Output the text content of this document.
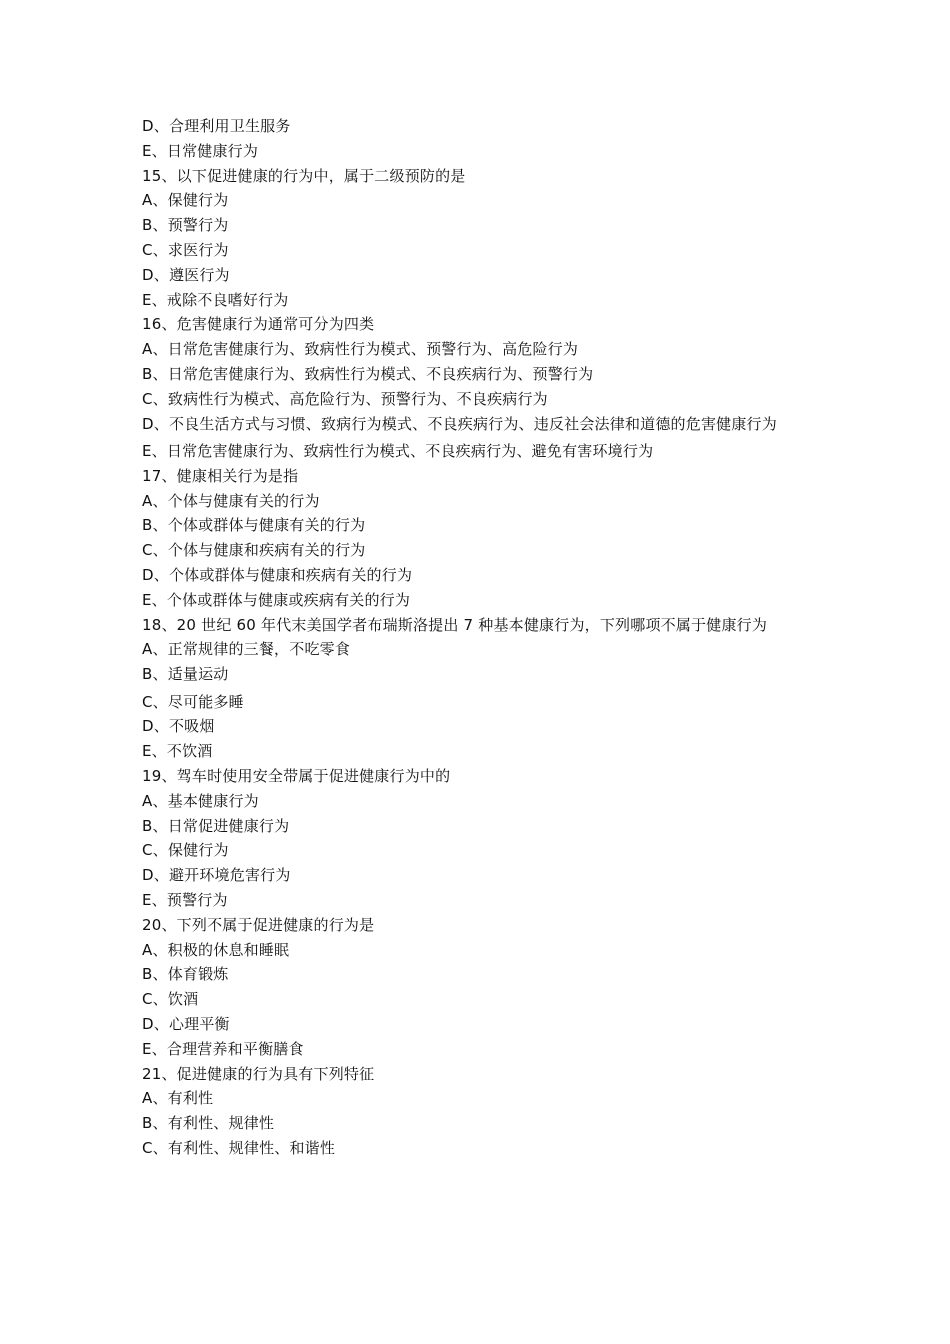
D、合理利用卫生服务
E、日常健康行为
15、以下促进健康的行为中，属于二级预防的是
A、保健行为
B、预警行为
C、求医行为
D、遵医行为
E、戒除不良嗜好行为
16、危害健康行为通常可分为四类
A、日常危害健康行为、致病性行为模式、预警行为、高危险行为
B、日常危害健康行为、致病性行为模式、不良疾病行为、预警行为
C、致病性行为模式、高危险行为、预警行为、不良疾病行为
D、不良生活方式与习惯、致病行为模式、不良疾病行为、违反社会法律和道德的危害健康行为
E、日常危害健康行为、致病性行为模式、不良疾病行为、避免有害环境行为
17、健康相关行为是指
A、个体与健康有关的行为
B、个体或群体与健康有关的行为
C、个体与健康和疾病有关的行为
D、个体或群体与健康和疾病有关的行为
E、个体或群体与健康或疾病有关的行为
18、20 世纪 60 年代末美国学者布瑞斯洛提出 7 种基本健康行为，下列哪项不属于健康行为
A、正常规律的三餐，不吃零食
B、适量运动
C、尽可能多睡
D、不吸烟
E、不饮酒
19、驾车时使用安全带属于促进健康行为中的
A、基本健康行为
B、日常促进健康行为
C、保健行为
D、避开环境危害行为
E、预警行为
20、下列不属于促进健康的行为是
A、积极的休息和睡眠
B、体育锻炼
C、饮酒
D、心理平衡
E、合理营养和平衡膳食
21、促进健康的行为具有下列特征
A、有利性
B、有利性、规律性
C、有利性、规律性、和谐性
